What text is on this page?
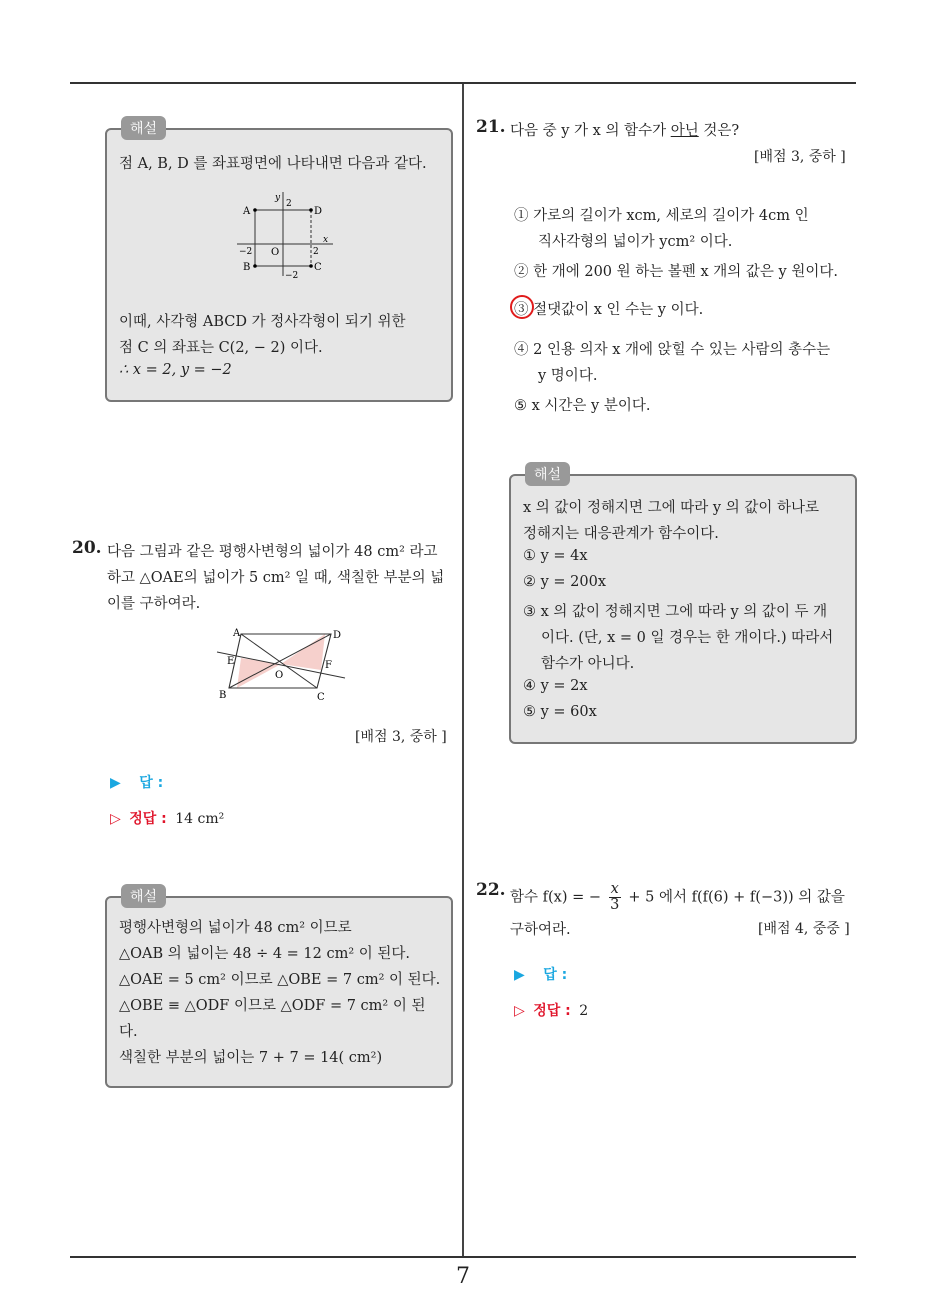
해설
점 A, B, D 를 좌표평면에 나타내면 다음과 같다.
A	D
B	C
O
y
x
2
−2	2
−2
이때, 사각형 ABCD 가 정사각형이 되기 위한
점 C 의 좌표는 C(2, − 2) 이다.
∴ x = 2, y = −2
20. 다음 그림과 같은 평행사변형의 넓이가 48 cm² 라고
하고 △OAE의 넓이가 5 cm² 일 때, 색칠한 부분의 넓
이를 구하여라.
A	D
E	F
O
B	C
[배점 3, 중하 ]
▶ 답 :
▷ 정답 : 14 cm²
해설
평행사변형의 넓이가 48 cm² 이므로
△OAB 의 넓이는 48 ÷ 4 = 12 cm² 이 된다.
△OAE = 5 cm² 이므로 △OBE = 7 cm² 이 된다.
△OBE ≡ △ODF 이므로 △ODF = 7 cm² 이 된
다.
색칠한 부분의 넓이는 7 + 7 = 14( cm²)
21. 다음 중 y 가 x 의 함수가 아닌 것은?
[배점 3, 중하 ]
① 가로의 길이가 xcm, 세로의 길이가 4cm 인
직사각형의 넓이가 ycm² 이다.
② 한 개에 200 원 하는 볼펜 x 개의 값은 y 원이다.
③ 절댓값이 x 인 수는 y 이다.
④ 2 인용 의자 x 개에 앉힐 수 있는 사람의 총수는
y 명이다.
⑤ x 시간은 y 분이다.
해설
x 의 값이 정해지면 그에 따라 y 의 값이 하나로
정해지는 대응관계가 함수이다.
① y = 4x
② y = 200x
③ x 의 값이 정해지면 그에 따라 y 의 값이 두 개
이다. (단, x = 0 일 경우는 한 개이다.) 따라서
함수가 아니다.
④ y = 2x
⑤ y = 60x
22. 함수 f(x) = − $\frac{x}{3} + 5$ 에서 f(f(6) + f(−3)) 의 값을
구하여라.	[배점 4, 중중 ]
▶ 답 :
▷ 정답 : 2
7
